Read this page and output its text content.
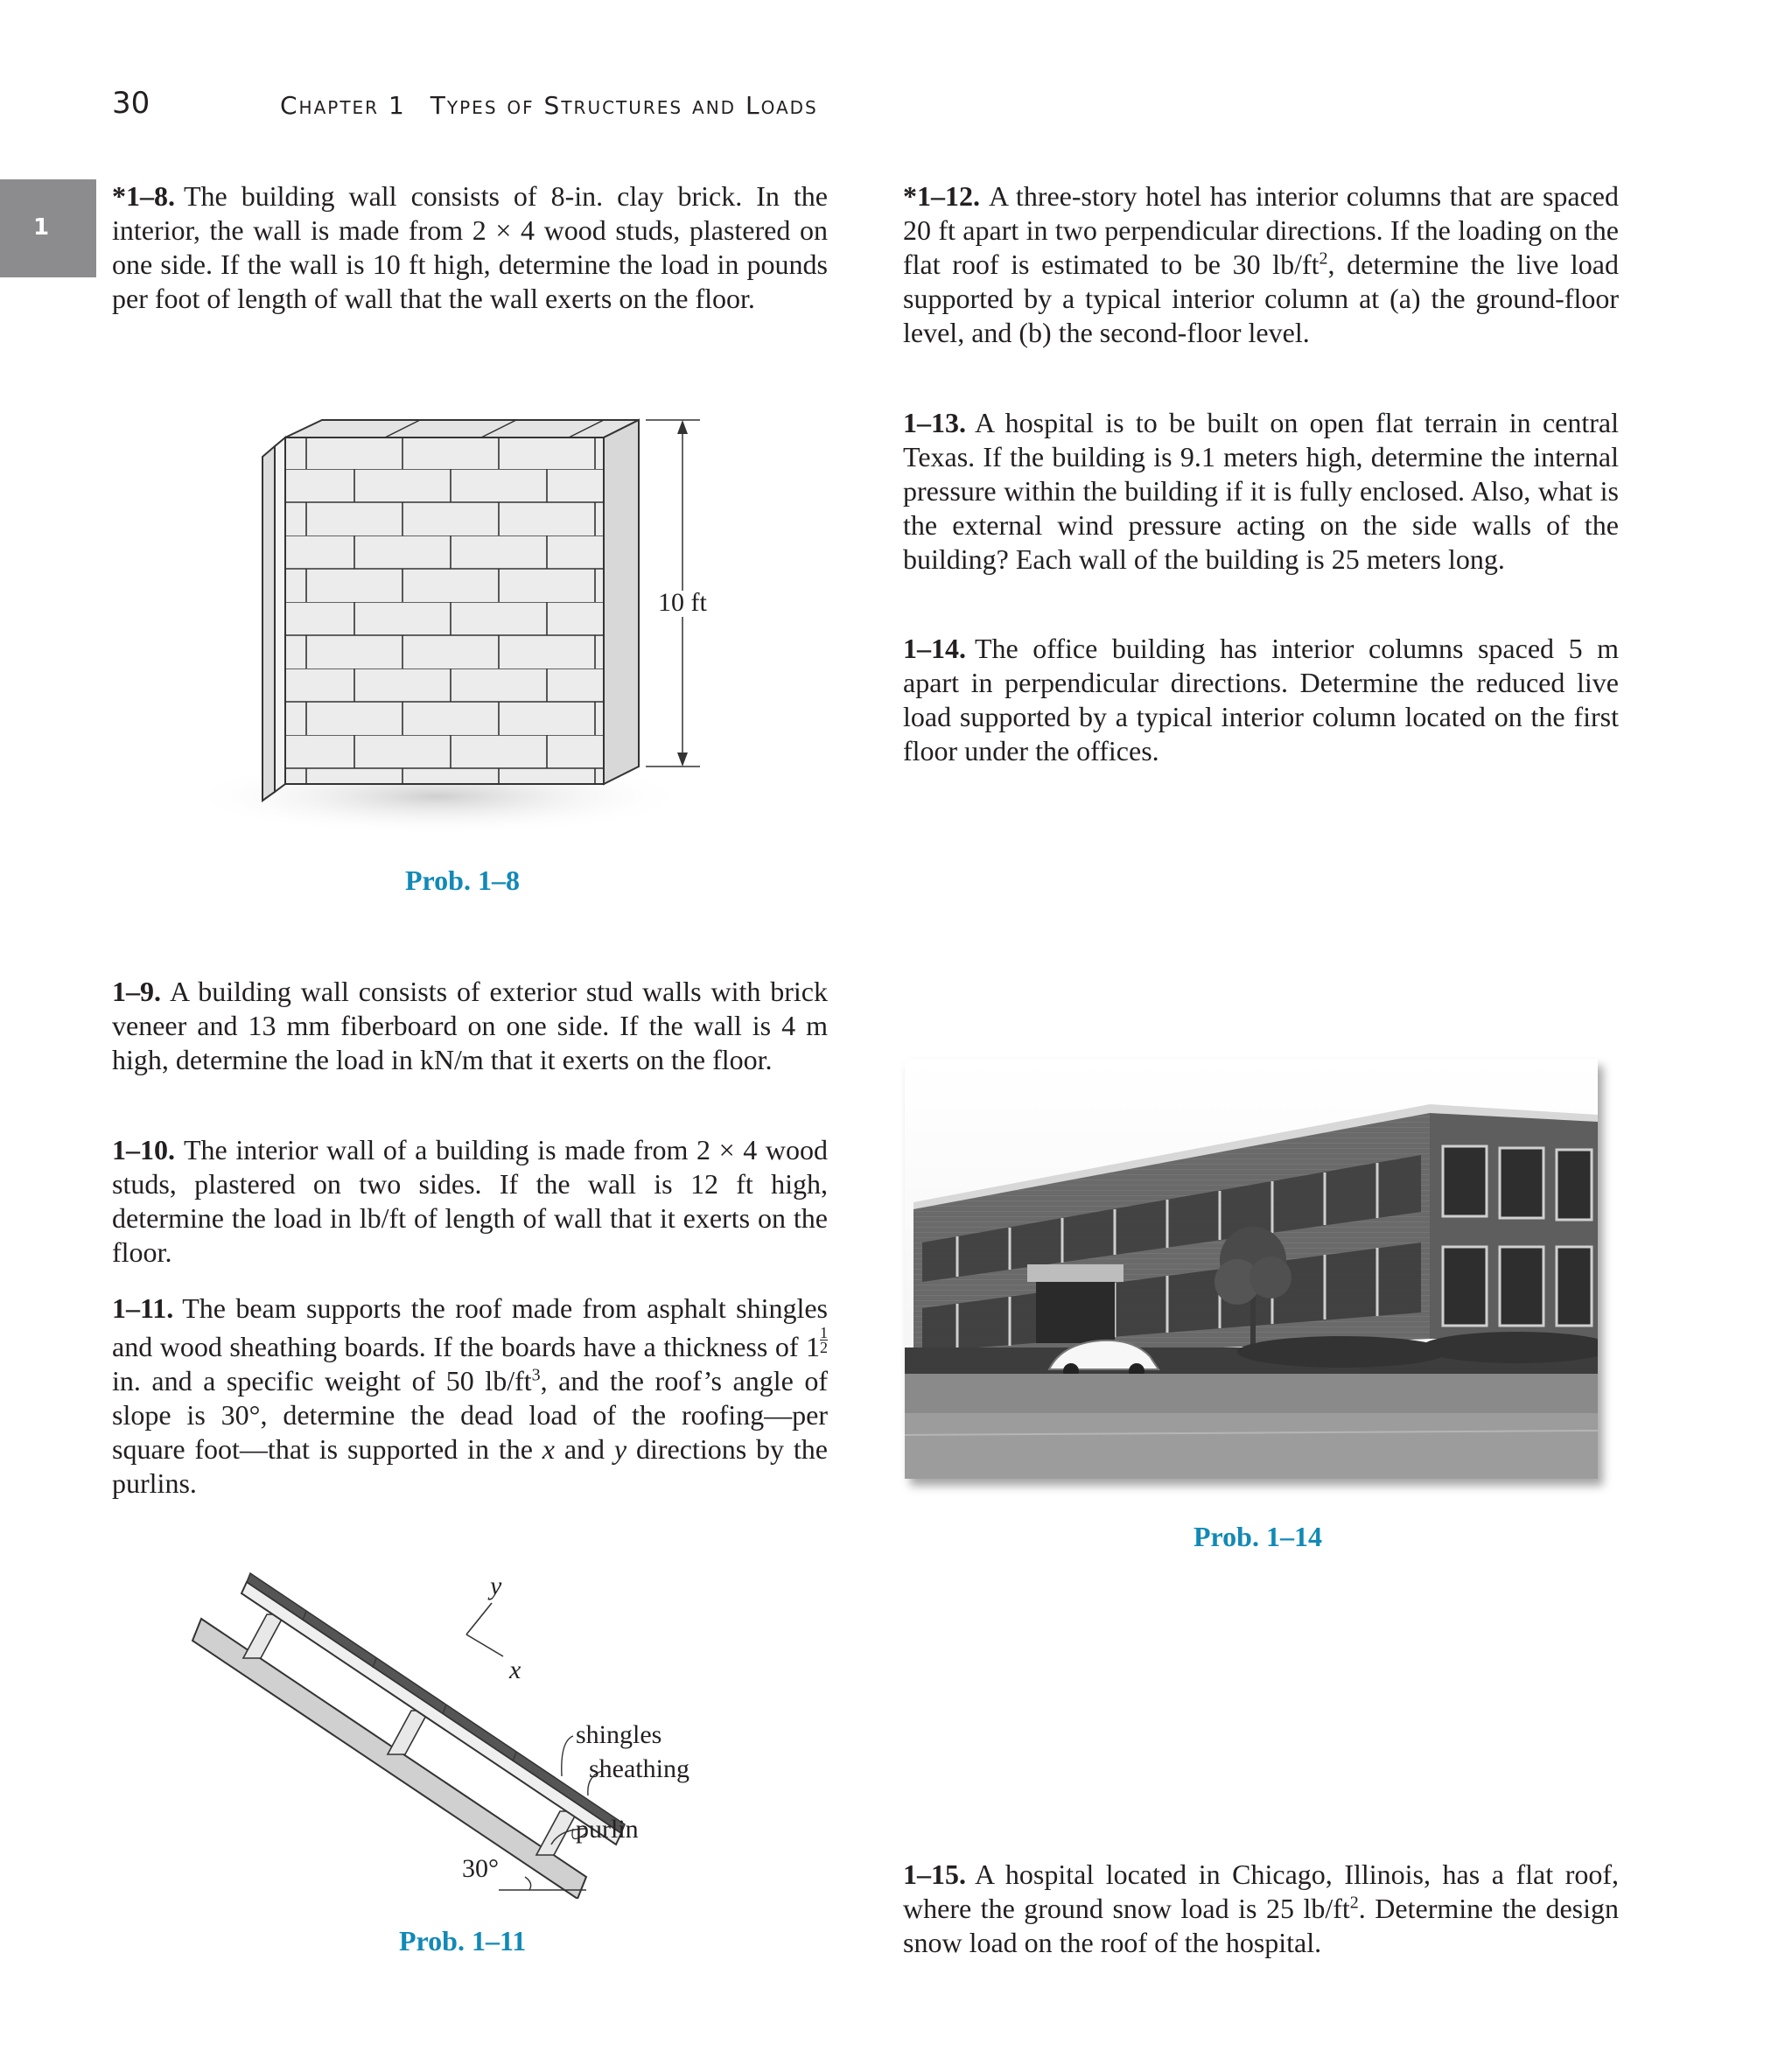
30	Chapter 1 Types of Structures and Loads
1
*1–8. The building wall consists of 8-in. clay brick. In the interior, the wall is made from 2 × 4 wood studs, plastered on one side. If the wall is 10 ft high, determine the load in pounds per foot of length of wall that the wall exerts on the floor.
10 ft
Prob. 1–8
1–9. A building wall consists of exterior stud walls with brick veneer and 13 mm fiberboard on one side. If the wall is 4 m high, determine the load in kN/m that it exerts on the floor.
1–10. The interior wall of a building is made from 2 × 4 wood studs, plastered on two sides. If the wall is 12 ft high, determine the load in lb/ft of length of wall that it exerts on the floor.
1–11. The beam supports the roof made from asphalt shingles and wood sheathing boards. If the boards have a thickness of $1 \frac{1}{2}$
in. and a specific weight of 50 $lb/ft^3$, and the roof’s angle of slope is 30°, determine the dead load of the roofing—per square foot—that is supported in the x and y directions by the purlins.
y
x
shingles
sheathing
purlin
30°
Prob. 1–11
*1–12. A three-story hotel has interior columns that are spaced 20 ft apart in two perpendicular directions. If the loading on the flat roof is estimated to be 30 $lb/ft^2$, determine the live load supported by a typical interior column at (a) the ground-floor level, and (b) the second-floor level.
1–13. A hospital is to be built on open flat terrain in central Texas. If the building is 9.1 meters high, determine the internal pressure within the building if it is fully enclosed. Also, what is the external wind pressure acting on the side walls of the building? Each wall of the building is 25 meters long.
1–14. The office building has interior columns spaced 5 m apart in perpendicular directions. Determine the reduced live load supported by a typical interior column located on the first floor under the offices.
Prob. 1–14
1–15. A hospital located in Chicago, Illinois, has a flat roof, where the ground snow load is 25 $lb/ft^2$. Determine the design snow load on the roof of the hospital.
